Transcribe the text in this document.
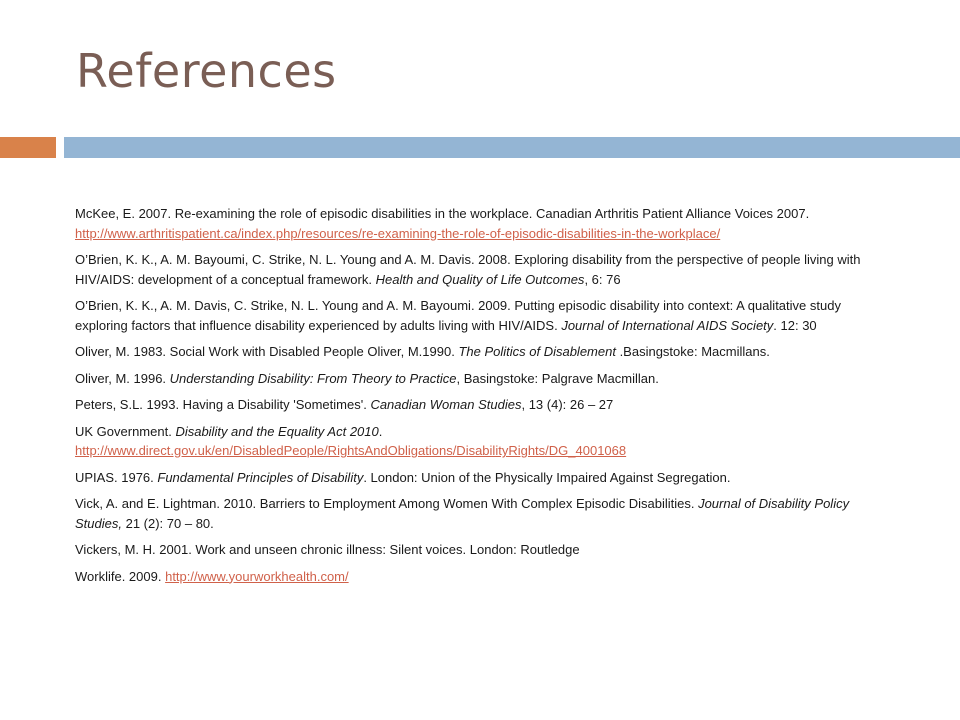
References

McKee, E. 2007. Re-examining the role of episodic disabilities in the workplace. Canadian Arthritis Patient Alliance Voices 2007. http://www.arthritispatient.ca/index.php/resources/re-examining-the-role-of-episodic-disabilities-in-the-workplace/

O’Brien, K. K., A. M. Bayoumi, C. Strike, N. L. Young and A. M. Davis. 2008. Exploring disability from the perspective of people living with HIV/AIDS: development of a conceptual framework. Health and Quality of Life Outcomes, 6: 76

O’Brien, K. K., A. M. Davis, C. Strike, N. L. Young and A. M. Bayoumi. 2009. Putting episodic disability into context: A qualitative study exploring factors that influence disability experienced by adults living with HIV/AIDS. Journal of International AIDS Society. 12: 30

Oliver, M. 1983. Social Work with Disabled People Oliver, M.1990. The Politics of Disablement .Basingstoke: Macmillans.

Oliver, M. 1996. Understanding Disability: From Theory to Practice, Basingstoke: Palgrave Macmillan.

Peters, S.L. 1993. Having a Disability 'Sometimes'. Canadian Woman Studies, 13 (4): 26 – 27

UK Government. Disability and the Equality Act 2010. http://www.direct.gov.uk/en/DisabledPeople/RightsAndObligations/DisabilityRights/DG_4001068

UPIAS. 1976. Fundamental Principles of Disability. London: Union of the Physically Impaired Against Segregation.

Vick, A. and E. Lightman. 2010. Barriers to Employment Among Women With Complex Episodic Disabilities. Journal of Disability Policy Studies, 21 (2): 70 – 80.

Vickers, M. H. 2001. Work and unseen chronic illness: Silent voices. London: Routledge

Worklife. 2009. http://www.yourworkhealth.com/
